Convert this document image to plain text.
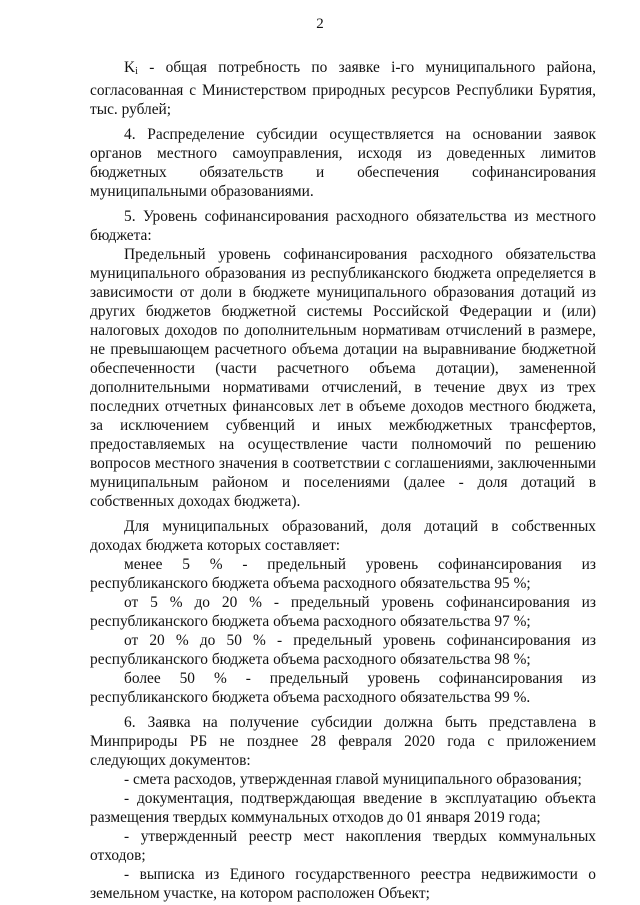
2

$K_i$ - общая потребность по заявке i-го муниципального района, согласованная с Министерством природных ресурсов Республики Бурятия, тыс. рублей;

4. Распределение субсидии осуществляется на основании заявок органов местного самоуправления, исходя из доведенных лимитов бюджетных обязательств и обеспечения софинансирования муниципальными образованиями.

5. Уровень софинансирования расходного обязательства из местного бюджета:

Предельный уровень софинансирования расходного обязательства муниципального образования из республиканского бюджета определяется в зависимости от доли в бюджете муниципального образования дотаций из других бюджетов бюджетной системы Российской Федерации и (или) налоговых доходов по дополнительным нормативам отчислений в размере, не превышающем расчетного объема дотации на выравнивание бюджетной обеспеченности (части расчетного объема дотации), замененной дополнительными нормативами отчислений, в течение двух из трех последних отчетных финансовых лет в объеме доходов местного бюджета, за исключением субвенций и иных межбюджетных трансфертов, предоставляемых на осуществление части полномочий по решению вопросов местного значения в соответствии с соглашениями, заключенными муниципальным районом и поселениями (далее - доля дотаций в собственных доходах бюджета).

Для муниципальных образований, доля дотаций в собственных доходах бюджета которых составляет:

менее 5 % - предельный уровень софинансирования из республиканского бюджета объема расходного обязательства 95 %;

от 5 % до 20 % - предельный уровень софинансирования из республиканского бюджета объема расходного обязательства 97 %;

от 20 % до 50 % - предельный уровень софинансирования из республиканского бюджета объема расходного обязательства 98 %;

более 50 % - предельный уровень софинансирования из республиканского бюджета объема расходного обязательства 99 %.

6. Заявка на получение субсидии должна быть представлена в Минприроды РБ не позднее 28 февраля 2020 года с приложением следующих документов:

- смета расходов, утвержденная главой муниципального образования;

- документация, подтверждающая введение в эксплуатацию объекта размещения твердых коммунальных отходов до 01 января 2019 года;

- утвержденный реестр мест накопления твердых коммунальных отходов;

- выписка из Единого государственного реестра недвижимости о земельном участке, на котором расположен Объект;
